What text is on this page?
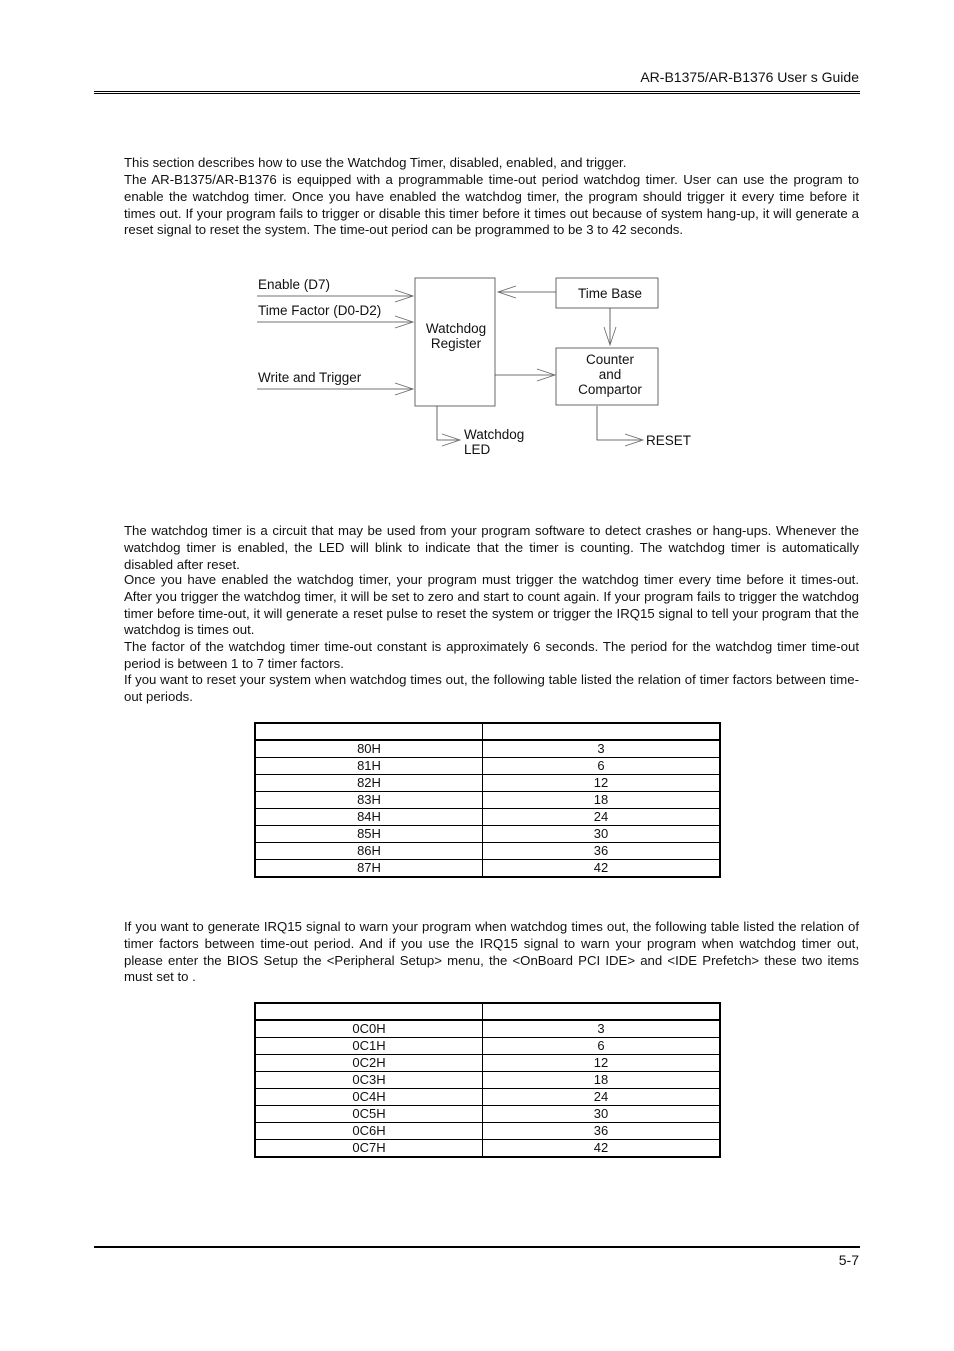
AR-B1375/AR-B1376 User s Guide

This section describes how to use the Watchdog Timer, disabled, enabled, and trigger.

The AR-B1375/AR-B1376 is equipped with a programmable time-out period watchdog timer. User can use the program to enable the watchdog timer. Once you have enabled the watchdog timer, the program should trigger it every time before it times out. If your program fails to trigger or disable this timer before it times out because of system hang-up, it will generate a reset signal to reset the system. The time-out period can be programmed to be 3 to 42 seconds.

Enable (D7)
Time Factor (D0-D2)
Write and Trigger
Watchdog
Register
Time Base
Counter
and
Compartor
Watchdog
LED
RESET

The watchdog timer is a circuit that may be used from your program software to detect crashes or hang-ups. Whenever the watchdog timer is enabled, the LED will blink to indicate that the timer is counting. The watchdog timer is automatically disabled after reset.

Once you have enabled the watchdog timer, your program must trigger the watchdog timer every time before it times-out. After you trigger the watchdog timer, it will be set to zero and start to count again. If your program fails to trigger the watchdog timer before time-out, it will generate a reset pulse to reset the system or trigger the IRQ15 signal to tell your program that the watchdog is times out.

The factor of the watchdog timer time-out constant is approximately 6 seconds. The period for the watchdog timer time-out period is between 1 to 7 timer factors.

If you want to reset your system when watchdog times out, the following table listed the relation of timer factors between time-out periods.

80H	3
81H	6
82H	12
83H	18
84H	24
85H	30
86H	36
87H	42

If you want to generate IRQ15 signal to warn your program when watchdog times out, the following table listed the relation of timer factors between time-out period. And if you use the IRQ15 signal to warn your program when watchdog timer out, please enter the BIOS Setup the <Peripheral Setup> menu, the <OnBoard PCI IDE> and <IDE Prefetch> these two items must set to .

0C0H	3
0C1H	6
0C2H	12
0C3H	18
0C4H	24
0C5H	30
0C6H	36
0C7H	42
5-7
